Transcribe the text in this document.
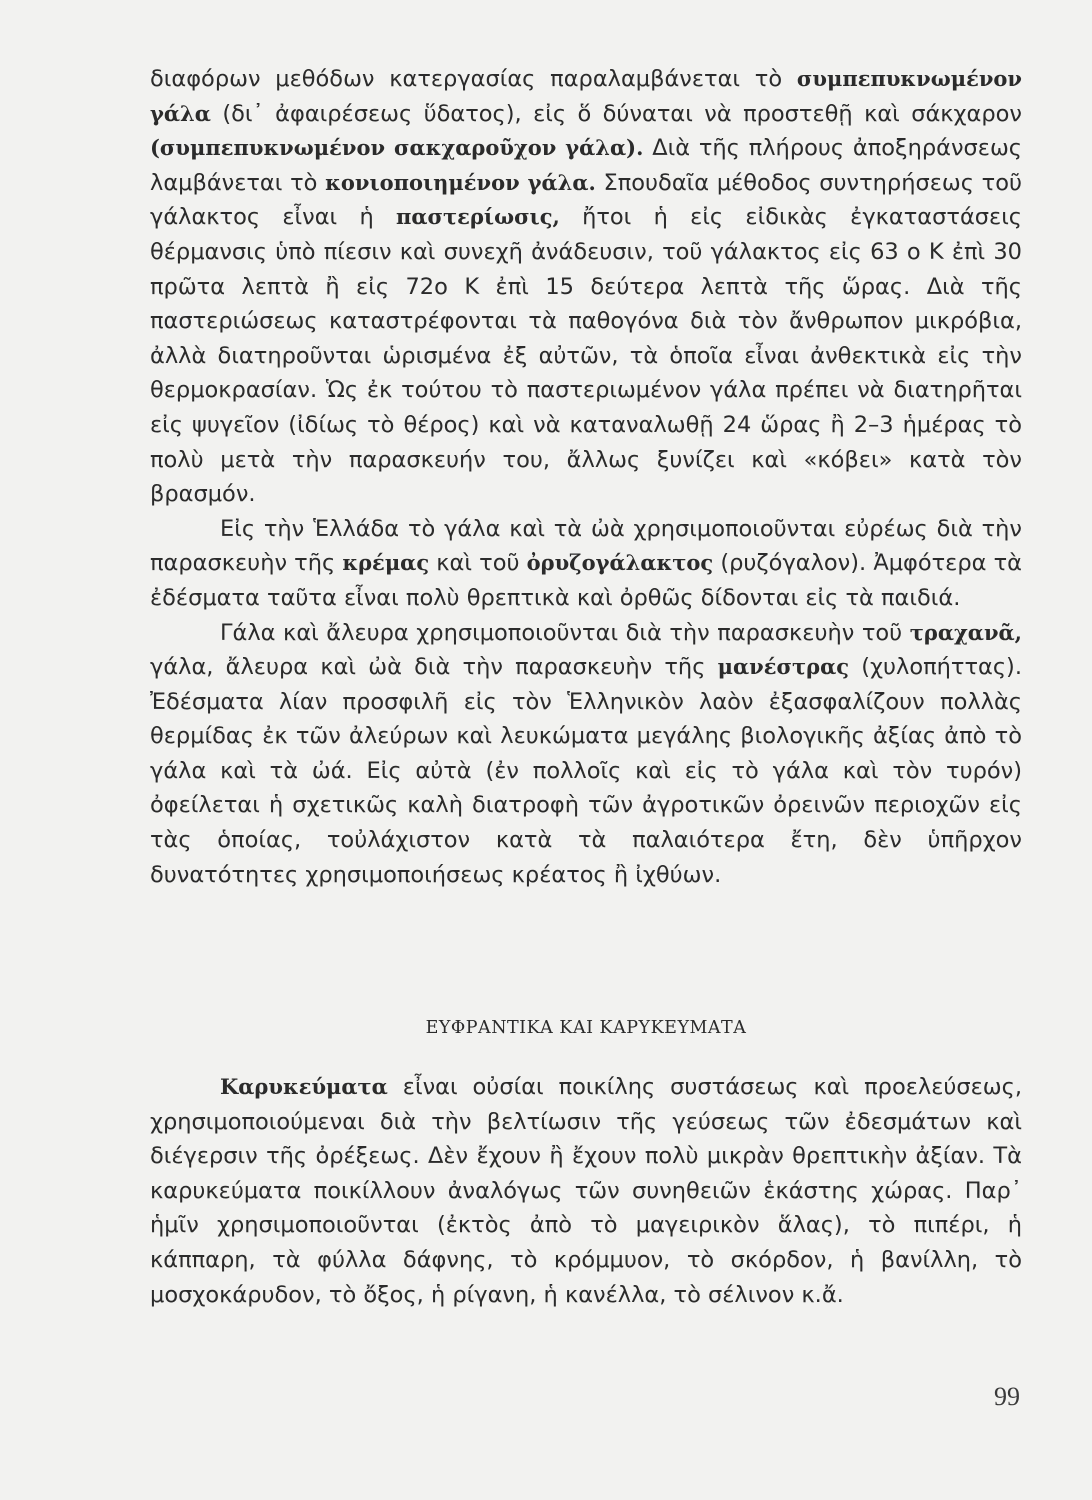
διαφόρων μεθόδων κατεργασίας παραλαμβάνεται τὸ συμπεπυκνωμένον γάλα (δι᾽ ἀφαιρέσεως ὕδατος), εἰς ὅ δύναται νὰ προστεθῇ καὶ σάκχαρον (συμπεπυκνωμένον σακχαροῦχον γάλα). Διὰ τῆς πλήρους ἀποξηράνσεως λαμβάνεται τὸ κονιοποιημένον γάλα. Σπουδαῖα μέθοδος συντηρήσεως τοῦ γάλακτος εἶναι ἡ παστερίωσις, ἤτοι ἡ εἰς εἰδικὰς ἐγκαταστάσεις θέρμανσις ὑπὸ πίεσιν καὶ συνεχῆ ἀνάδευσιν, τοῦ γάλακτος εἰς 63 ο Κ ἐπὶ 30 πρῶτα λεπτὰ ἢ εἰς 72ο Κ ἐπὶ 15 δεύτερα λεπτὰ τῆς ὥρας. Διὰ τῆς παστεριώσεως καταστρέφονται τὰ παθογόνα διὰ τὸν ἄνθρωπον μικρόβια, ἀλλὰ διατηροῦνται ὡρισμένα ἐξ αὐτῶν, τὰ ὁποῖα εἶναι ἀνθεκτικὰ εἰς τὴν θερμοκρασίαν. Ὡς ἐκ τούτου τὸ παστεριωμένον γάλα πρέπει νὰ διατηρῆται εἰς ψυγεῖον (ἰδίως τὸ θέρος) καὶ νὰ καταναλωθῇ 24 ὥρας ἢ 2–3 ἡμέρας τὸ πολὺ μετὰ τὴν παρασκευήν του, ἄλλως ξυνίζει καὶ «κόβει» κατὰ τὸν βρασμόν.

Εἰς τὴν Ἑλλάδα τὸ γάλα καὶ τὰ ὠὰ χρησιμοποιοῦνται εὐρέως διὰ τὴν παρασκευὴν τῆς κρέμας καὶ τοῦ ὀρυζογάλακτος (ρυζόγαλον). Ἀμφότερα τὰ ἐδέσματα ταῦτα εἶναι πολὺ θρεπτικὰ καὶ ὀρθῶς δίδονται εἰς τὰ παιδιά.

Γάλα καὶ ἄλευρα χρησιμοποιοῦνται διὰ τὴν παρασκευὴν τοῦ τραχανᾶ, γάλα, ἄλευρα καὶ ὠὰ διὰ τὴν παρασκευὴν τῆς μανέστρας (χυλοπήττας). Ἐδέσματα λίαν προσφιλῆ εἰς τὸν Ἑλληνικὸν λαὸν ἐξασφαλίζουν πολλὰς θερμίδας ἐκ τῶν ἀλεύρων καὶ λευκώματα μεγάλης βιολογικῆς ἀξίας ἀπὸ τὸ γάλα καὶ τὰ ὠά. Εἰς αὐτὰ (ἐν πολλοῖς καὶ εἰς τὸ γάλα καὶ τὸν τυρόν) ὀφείλεται ἡ σχετικῶς καλὴ διατροφὴ τῶν ἀγροτικῶν ὀρεινῶν περιοχῶν εἰς τὰς ὁποίας, τοὐλάχιστον κατὰ τὰ παλαιότερα ἔτη, δὲν ὑπῆρχον δυνατότητες χρησιμοποιήσεως κρέατος ἢ ἰχθύων.

ΕΥΦΡΑΝΤΙΚΑ ΚΑΙ ΚΑΡΥΚΕΥΜΑΤΑ

Καρυκεύματα εἶναι οὐσίαι ποικίλης συστάσεως καὶ προελεύσεως, χρησιμοποιούμεναι διὰ τὴν βελτίωσιν τῆς γεύσεως τῶν ἐδεσμάτων καὶ διέγερσιν τῆς ὀρέξεως. Δὲν ἔχουν ἢ ἔχουν πολὺ μικρὰν θρεπτικὴν ἀξίαν. Τὰ καρυκεύματα ποικίλλουν ἀναλόγως τῶν συνηθειῶν ἑκάστης χώρας. Παρ᾽ ἡμῖν χρησιμοποιοῦνται (ἐκτὸς ἀπὸ τὸ μαγειρικὸν ἅλας), τὸ πιπέρι, ἡ κάππαρη, τὰ φύλλα δάφνης, τὸ κρόμμυον, τὸ σκόρδον, ἡ βανίλλη, τὸ μοσχοκάρυδον, τὸ ὄξος, ἡ ρίγανη, ἡ κανέλλα, τὸ σέλινον κ.ἄ.

99
